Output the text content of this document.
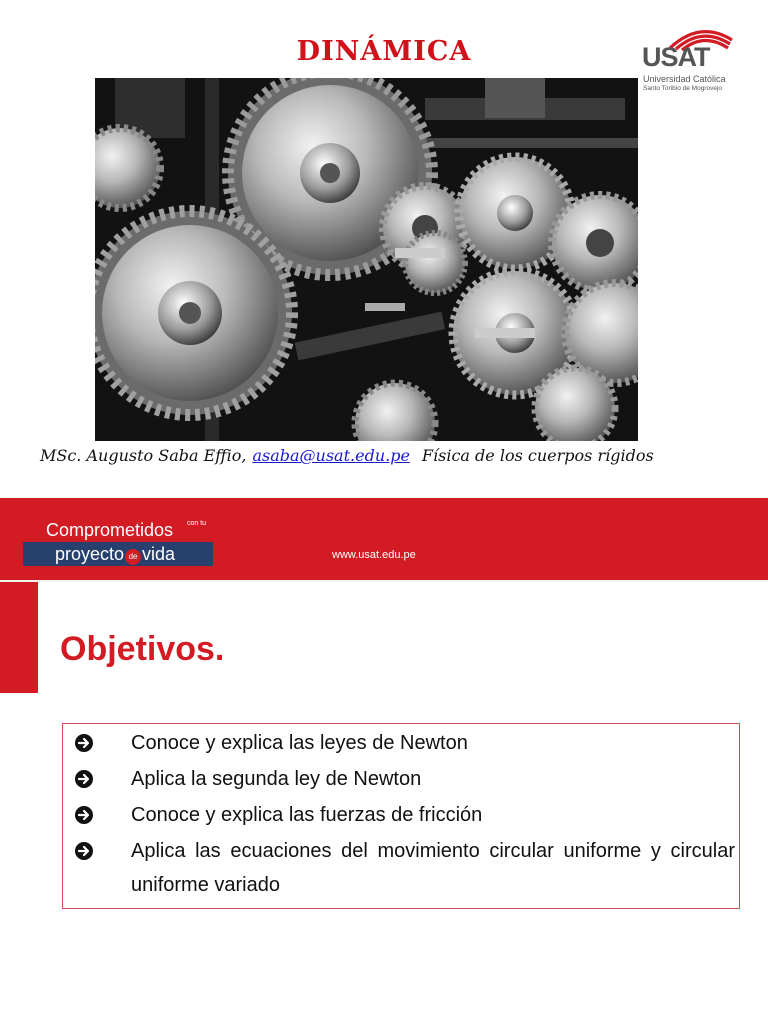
DINÁMICA	USAT
Universidad Católica
Santo Toribio de Mogrovejo
MSc. Augusto Saba Effio, asaba@usat.edu.pe Física de los cuerpos rígidos
Comprometidos con tu
proyecto de vida	www.usat.edu.pe
Objetivos.
Conoce y explica las leyes de Newton
Aplica la segunda ley de Newton
Conoce y explica las fuerzas de fricción
Aplica las ecuaciones del movimiento circular uniforme y circular uniforme variado
